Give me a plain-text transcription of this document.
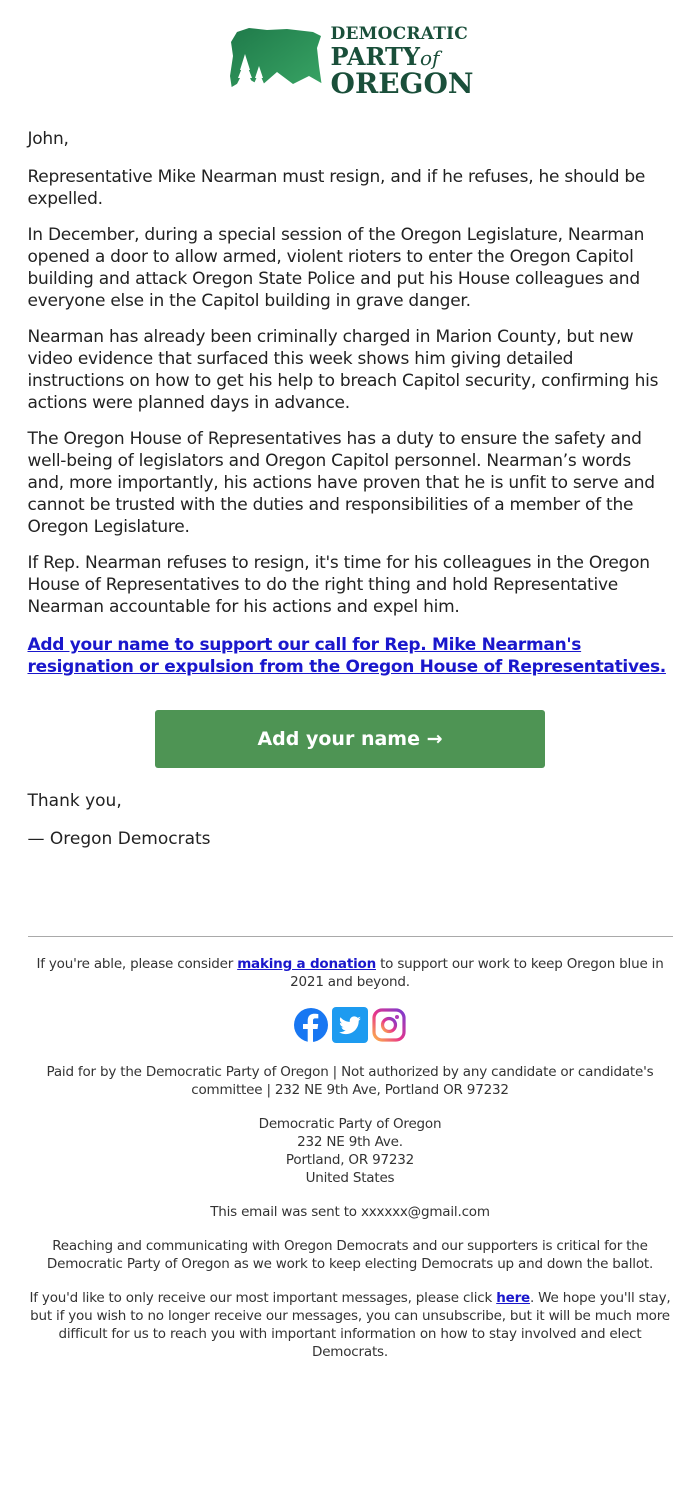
DEMOCRATIC
PARTYof
OREGON

John,

Representative Mike Nearman must resign, and if he refuses, he should be expelled.

In December, during a special session of the Oregon Legislature, Nearman opened a door to allow armed, violent rioters to enter the Oregon Capitol building and attack Oregon State Police and put his House colleagues and everyone else in the Capitol building in grave danger.

Nearman has already been criminally charged in Marion County, but new video evidence that surfaced this week shows him giving detailed instructions on how to get his help to breach Capitol security, confirming his actions were planned days in advance.

The Oregon House of Representatives has a duty to ensure the safety and well-being of legislators and Oregon Capitol personnel. Nearman’s words and, more importantly, his actions have proven that he is unfit to serve and cannot be trusted with the duties and responsibilities of a member of the Oregon Legislature.

If Rep. Nearman refuses to resign, it's time for his colleagues in the Oregon House of Representatives to do the right thing and hold Representative Nearman accountable for his actions and expel him.

Add your name to support our call for Rep. Mike Nearman's resignation or expulsion from the Oregon House of Representatives.
Add your name →

Thank you,

— Oregon Democrats

If you're able, please consider making a donation to support our work to keep Oregon blue in 2021 and beyond.

Paid for by the Democratic Party of Oregon | Not authorized by any candidate or candidate's committee | 232 NE 9th Ave, Portland OR 97232

Democratic Party of Oregon
232 NE 9th Ave.
Portland, OR 97232
United States

This email was sent to xxxxxx@gmail.com

Reaching and communicating with Oregon Democrats and our supporters is critical for the Democratic Party of Oregon as we work to keep electing Democrats up and down the ballot.

If you'd like to only receive our most important messages, please click here. We hope you'll stay, but if you wish to no longer receive our messages, you can unsubscribe, but it will be much more difficult for us to reach you with important information on how to stay involved and elect Democrats.
